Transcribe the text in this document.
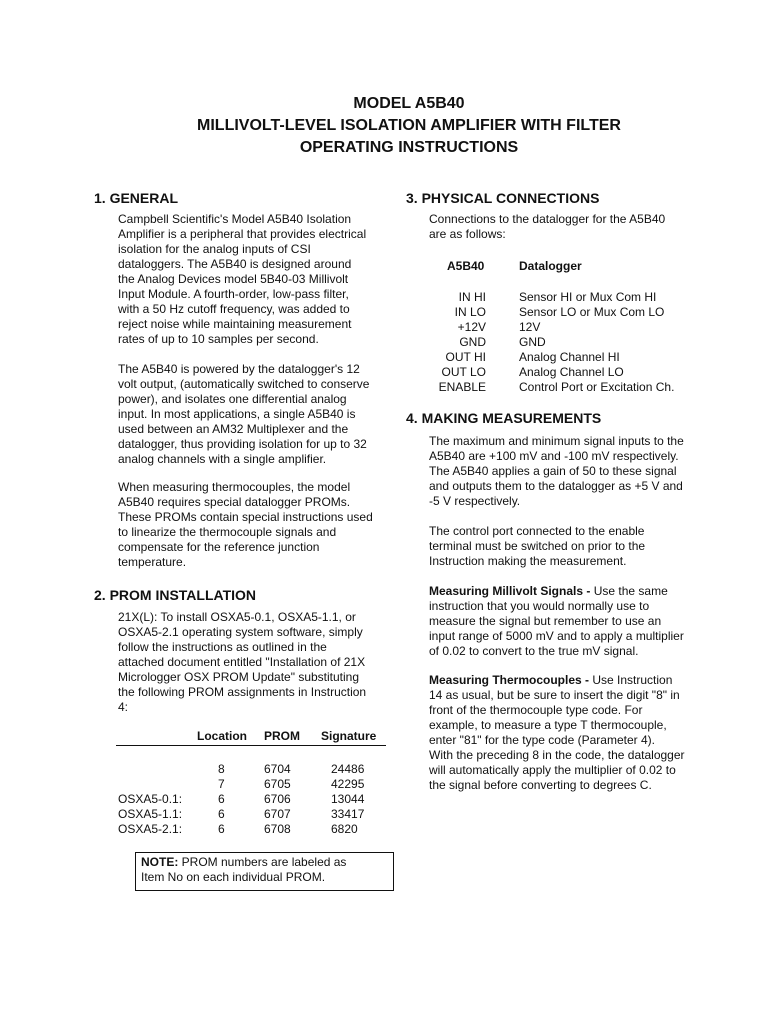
MODEL A5B40
MILLIVOLT-LEVEL ISOLATION AMPLIFIER WITH FILTER
OPERATING INSTRUCTIONS
1. GENERAL

Campbell Scientific's Model A5B40 Isolation
Amplifier is a peripheral that provides electrical
isolation for the analog inputs of CSI
dataloggers. The A5B40 is designed around
the Analog Devices model 5B40-03 Millivolt
Input Module. A fourth-order, low-pass filter,
with a 50 Hz cutoff frequency, was added to
reject noise while maintaining measurement
rates of up to 10 samples per second.

The A5B40 is powered by the datalogger's 12
volt output, (automatically switched to conserve
power), and isolates one differential analog
input. In most applications, a single A5B40 is
used between an AM32 Multiplexer and the
datalogger, thus providing isolation for up to 32
analog channels with a single amplifier.

When measuring thermocouples, the model
A5B40 requires special datalogger PROMs.
These PROMs contain special instructions used
to linearize the thermocouple signals and
compensate for the reference junction
temperature.

2. PROM INSTALLATION

21X(L): To install OSXA5-0.1, OSXA5-1.1, or
OSXA5-2.1 operating system software, simply
follow the instructions as outlined in the
attached document entitled "Installation of 21X
Micrologger OSX PROM Update" substituting
the following PROM assignments in Instruction
4:

Location PROM Signature

OSXA5-0.1:
OSXA5-1.1:
OSXA5-2.1:

8
7
6
6
6

6704
6705
6706
6707
6708

24486
42295
13044
33417
6820

NOTE: PROM numbers are labeled as
Item No on each individual PROM.

3. PHYSICAL CONNECTIONS

Connections to the datalogger for the A5B40
are as follows:

A5B40	Datalogger

IN HI
IN LO
+12V
GND
OUT HI
OUT LO
ENABLE

Sensor HI or Mux Com HI
Sensor LO or Mux Com LO
12V
GND
Analog Channel HI
Analog Channel LO
Control Port or Excitation Ch.

4. MAKING MEASUREMENTS

The maximum and minimum signal inputs to the
A5B40 are +100 mV and -100 mV respectively.
The A5B40 applies a gain of 50 to these signal
and outputs them to the datalogger as +5 V and
-5 V respectively.

The control port connected to the enable
terminal must be switched on prior to the
Instruction making the measurement.

Measuring Millivolt Signals - Use the same
instruction that you would normally use to
measure the signal but remember to use an
input range of 5000 mV and to apply a multiplier
of 0.02 to convert to the true mV signal.

Measuring Thermocouples - Use Instruction
14 as usual, but be sure to insert the digit "8" in
front of the thermocouple type code. For
example, to measure a type T thermocouple,
enter "81" for the type code (Parameter 4).
With the preceding 8 in the code, the datalogger
will automatically apply the multiplier of 0.02 to
the signal before converting to degrees C.
